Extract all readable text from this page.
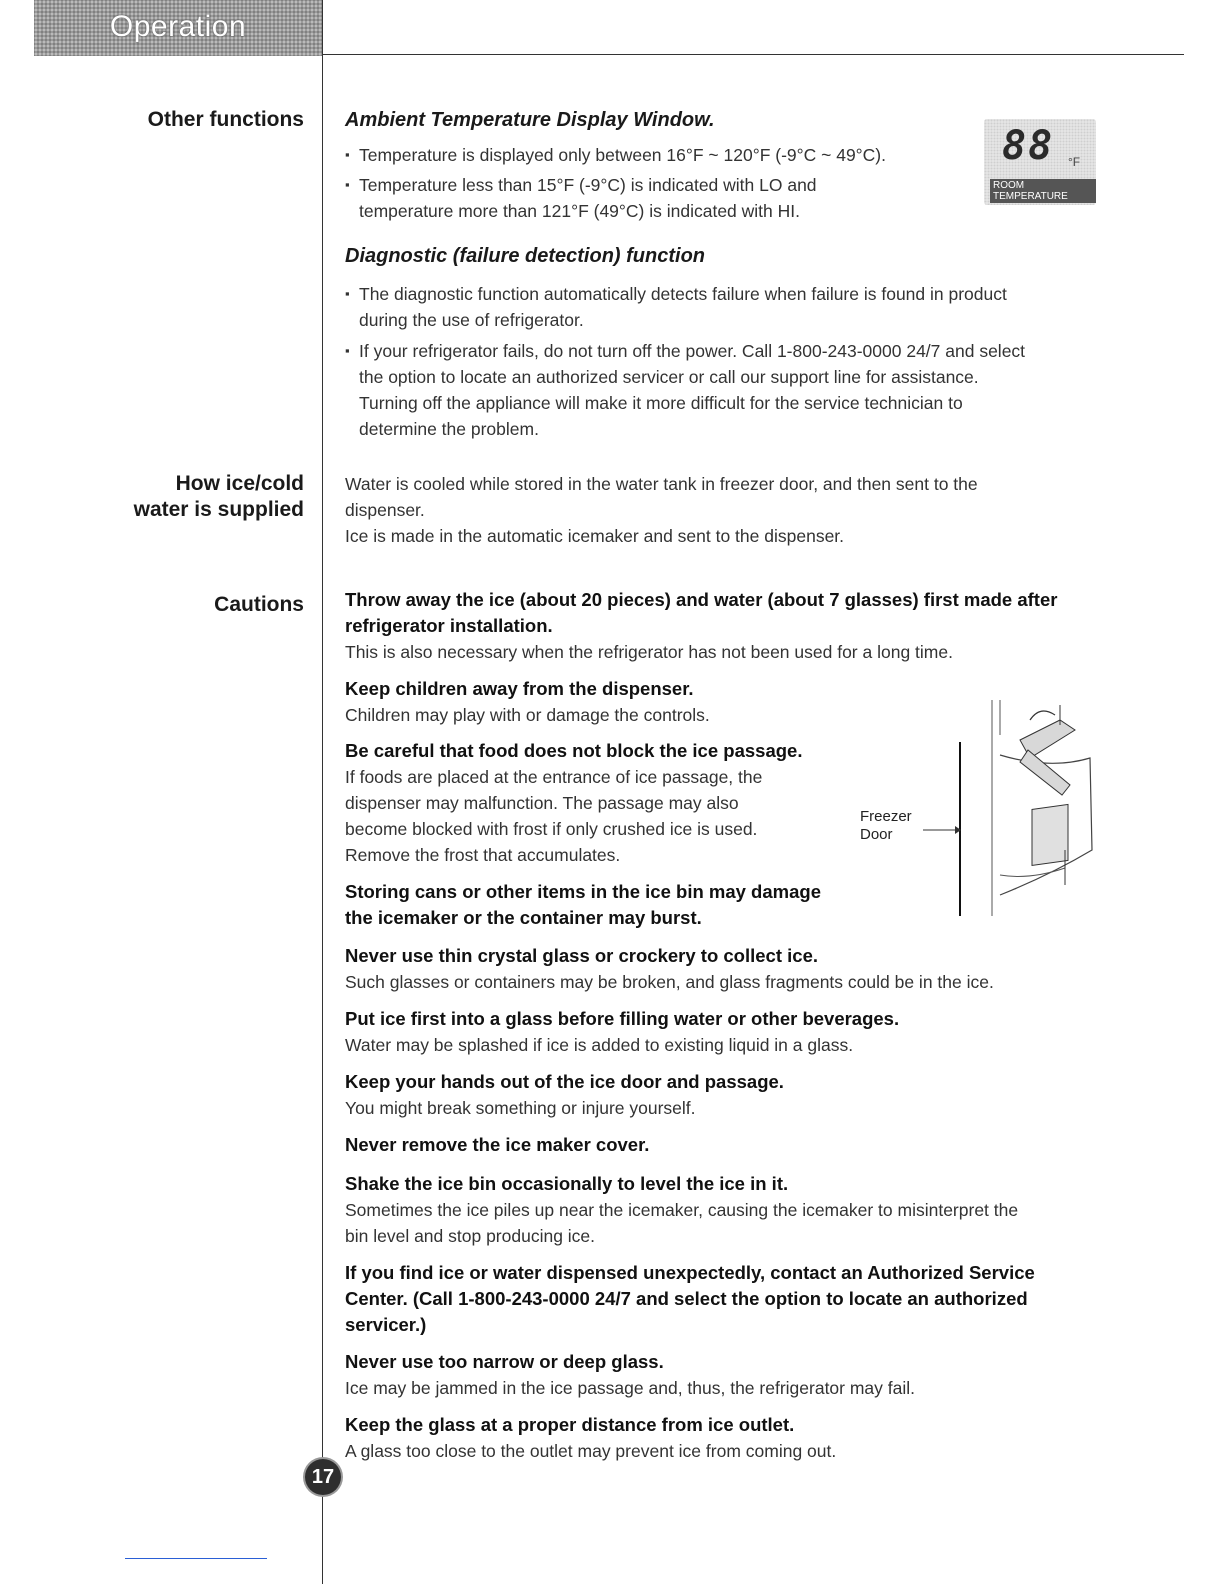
Operation
Other functions
How ice/cold
water is supplied
Cautions
Ambient Temperature Display Window.
▪ Temperature is displayed only between 16°F ~ 120°F (-9°C ~ 49°C).
▪ Temperature less than 15°F (-9°C) is indicated with LO and
temperature more than 121°F (49°C) is indicated with HI.
88 °F
ROOM TEMPERATURE
Diagnostic (failure detection) function
▪ The diagnostic function automatically detects failure when failure is found in product
during the use of refrigerator.
▪ If your refrigerator fails, do not turn off the power. Call 1-800-243-0000 24/7 and select
the option to locate an authorized servicer or call our support line for assistance.
Turning off the appliance will make it more difficult for the service technician to
determine the problem.
Water is cooled while stored in the water tank in freezer door, and then sent to the
dispenser.
Ice is made in the automatic icemaker and sent to the dispenser.
Throw away the ice (about 20 pieces) and water (about 7 glasses) first made after
refrigerator installation.
This is also necessary when the refrigerator has not been used for a long time.
Keep children away from the dispenser.
Children may play with or damage the controls.
Be careful that food does not block the ice passage.
If foods are placed at the entrance of ice passage, the
dispenser may malfunction. The passage may also
become blocked with frost if only crushed ice is used.
Remove the frost that accumulates.
Storing cans or other items in the ice bin may damage
the icemaker or the container may burst.
Never use thin crystal glass or crockery to collect ice.
Such glasses or containers may be broken, and glass fragments could be in the ice.
Put ice first into a glass before filling water or other beverages.
Water may be splashed if ice is added to existing liquid in a glass.
Keep your hands out of the ice door and passage.
You might break something or injure yourself.
Never remove the ice maker cover.
Shake the ice bin occasionally to level the ice in it.
Sometimes the ice piles up near the icemaker, causing the icemaker to misinterpret the
bin level and stop producing ice.
If you find ice or water dispensed unexpectedly, contact an Authorized Service
Center. (Call 1-800-243-0000 24/7 and select the option to locate an authorized
servicer.)
Never use too narrow or deep glass.
Ice may be jammed in the ice passage and, thus, the refrigerator may fail.
Keep the glass at a proper distance from ice outlet.
A glass too close to the outlet may prevent ice from coming out.
Freezer
Door
17
